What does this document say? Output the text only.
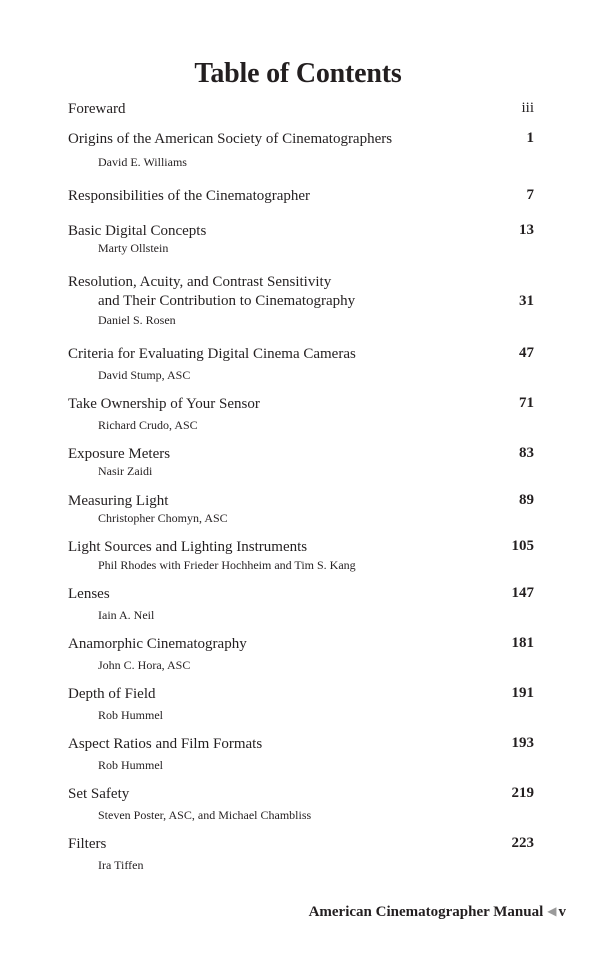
Table of Contents
Foreward	iii
Origins of the American Society of Cinematographers
David E. Williams
1
Responsibilities of the Cinematographer	7
Basic Digital Concepts
Marty Ollstein
13
Resolution, Acuity, and Contrast Sensitivity
and Their Contribution to Cinematography
Daniel S. Rosen
31
Criteria for Evaluating Digital Cinema Cameras
David Stump, ASC
47
Take Ownership of Your Sensor
Richard Crudo, ASC
71
Exposure Meters
Nasir Zaidi
83
Measuring Light
Christopher Chomyn, ASC
89
Light Sources and Lighting Instruments
Phil Rhodes with Frieder Hochheim and Tim S. Kang
105
Lenses
Iain A. Neil
147
Anamorphic Cinematography
John C. Hora, ASC
181
Depth of Field
Rob Hummel
191
Aspect Ratios and Film Formats
Rob Hummel
193
Set Safety
Steven Poster, ASC, and Michael Chambliss
219
Filters
Ira Tiffen
223
American Cinematographer Manual ◀ v
